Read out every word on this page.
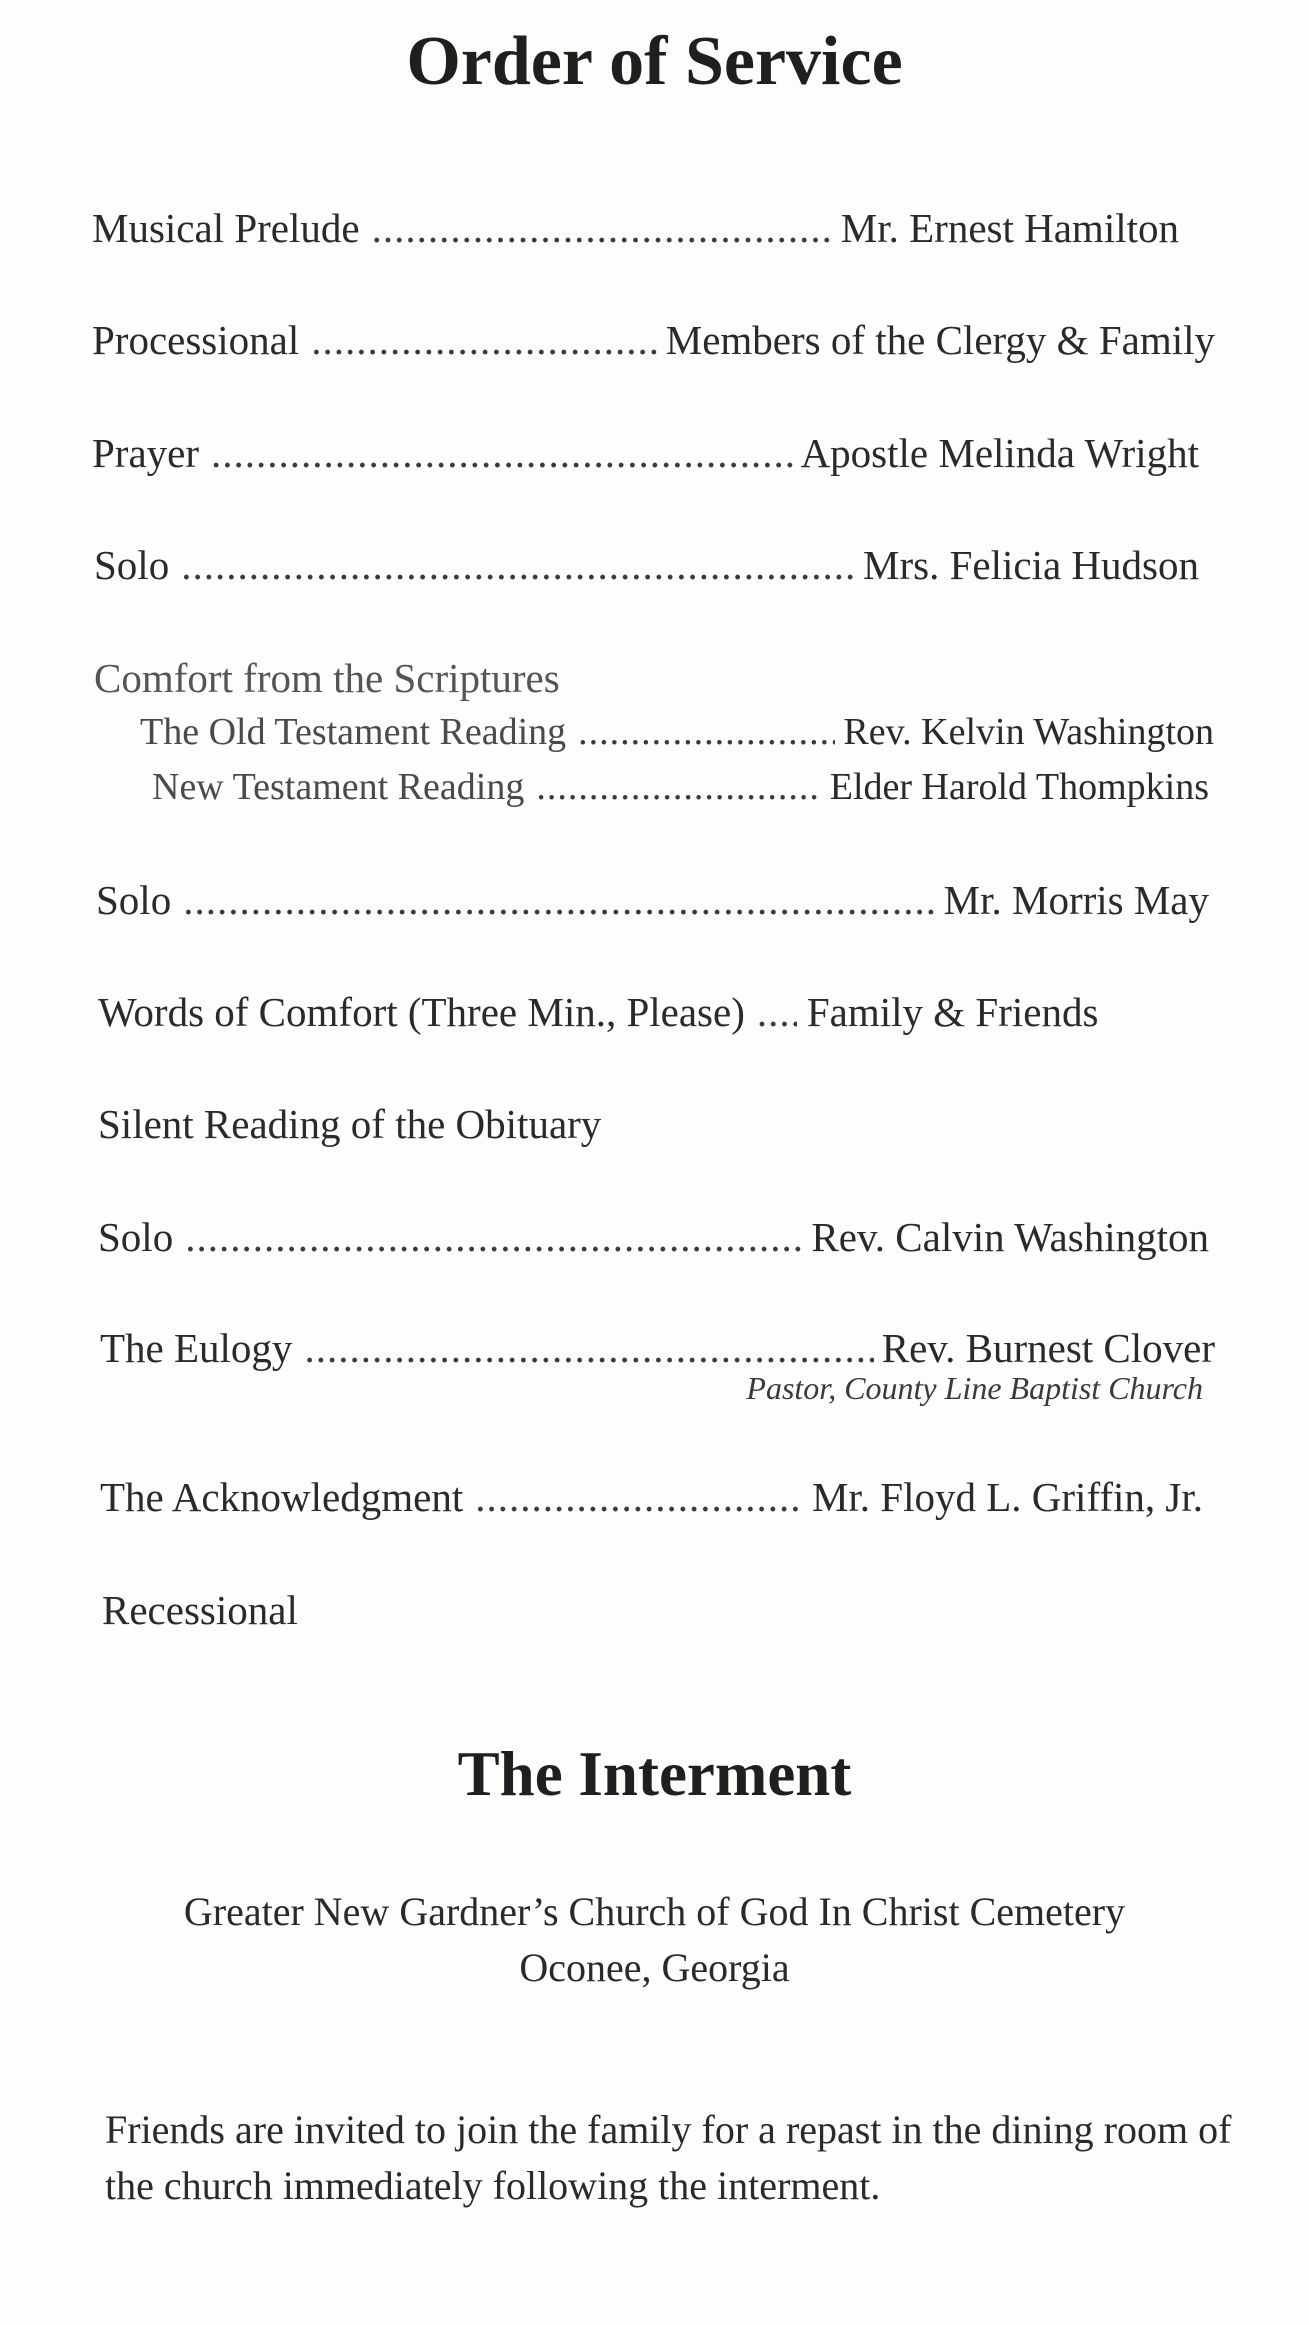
Order of Service
Musical Prelude .....	Mr. Ernest Hamilton
Processional .....	Members of the Clergy & Family
Prayer .....	Apostle Melinda Wright
Solo .....	Mrs. Felicia Hudson
Comfort from the Scriptures
The Old Testament Reading .....	Rev. Kelvin Washington
New Testament Reading .....	Elder Harold Thompkins
Solo .....	Mr. Morris May
Words of Comfort (Three Min., Please) ..... Family & Friends
Silent Reading of the Obituary
Solo .....	Rev. Calvin Washington
The Eulogy .....	Rev. Burnest Clover
Pastor, County Line Baptist Church
The Acknowledgment .....	Mr. Floyd L. Griffin, Jr.
Recessional
The Interment
Greater New Gardner’s Church of God In Christ Cemetery
Oconee, Georgia
Friends are invited to join the family for a repast in the dining room of the church immediately following the interment.
